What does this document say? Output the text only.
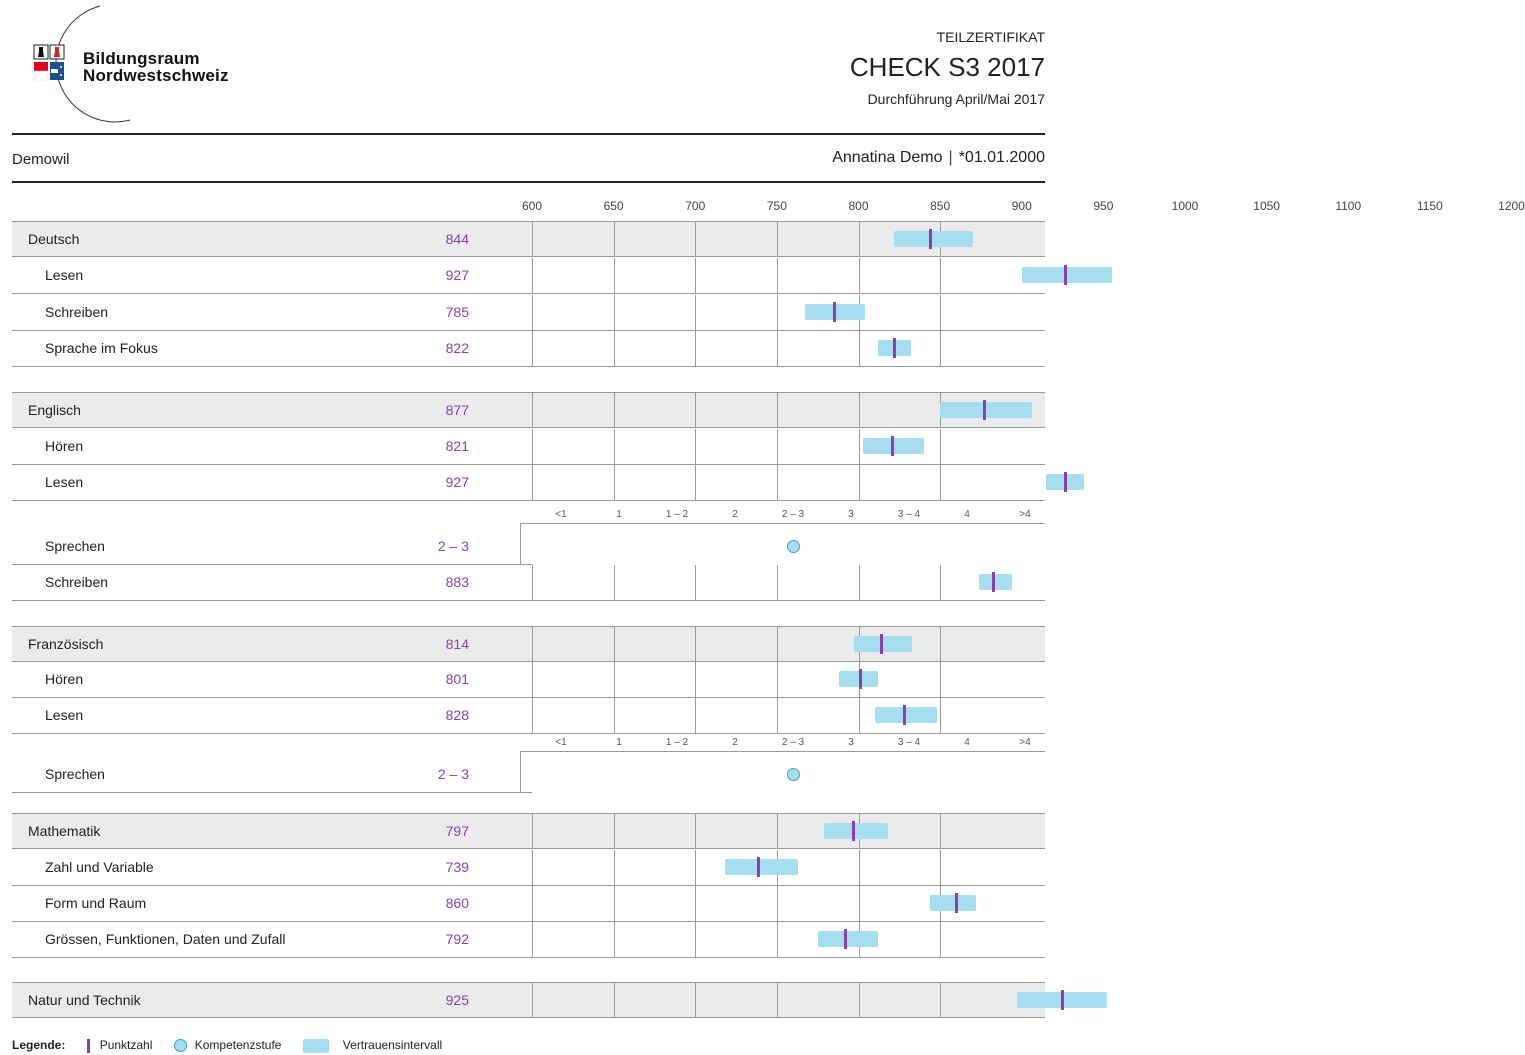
Bildungsraum
Nordwestschweiz
TEILZERTIFIKAT
CHECK S3 2017
Durchführung April/Mai 2017
Demowil	Annatina Demo | *01.01.2000
600	650	700	750	800	850	900	950	1000	1050	1100	1150	1200
Deutsch	844
Lesen	927
Schreiben	785
Sprache im Fokus	822
Englisch	877
Hören	821
Lesen	927
<1	1	1 – 2	2	2 – 3	3	3 – 4	4	>4
Sprechen	2 – 3
Schreiben	883
Französisch	814
Hören	801
Lesen	828
<1	1	1 – 2	2	2 – 3	3	3 – 4	4	>4
Sprechen	2 – 3
Mathematik	797
Zahl und Variable	739
Form und Raum	860
Grössen, Funktionen, Daten und Zufall	792
Natur und Technik	925
Legende:	Punktzahl	Kompetenzstufe	Vertrauensintervall
